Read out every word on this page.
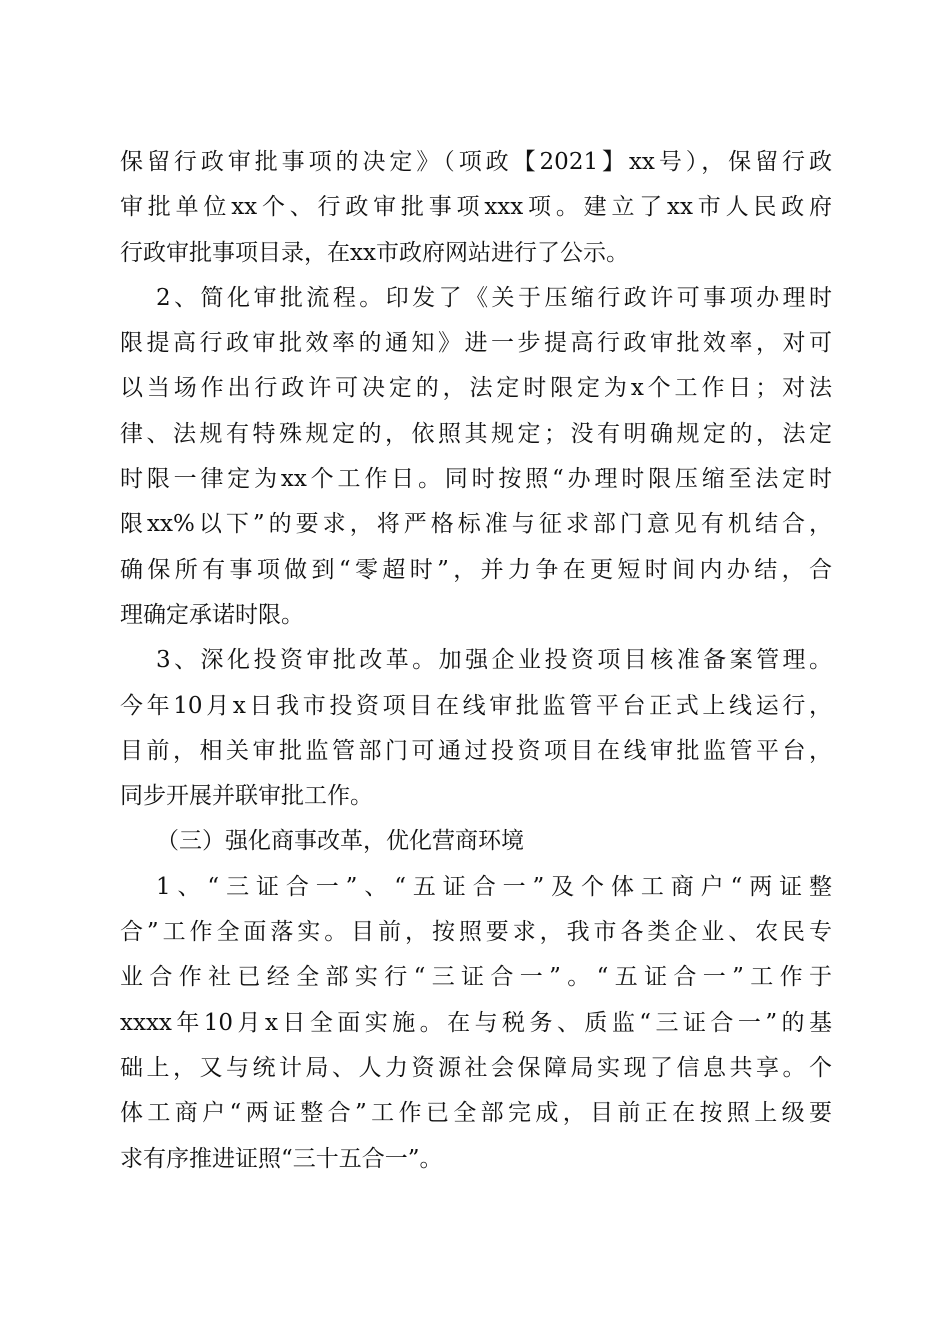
保留行政审批事项的决定》（项政【2021】xx号），保留行政
审批单位xx个、行政审批事项xxx项。建立了xx市人民政府
行政审批事项目录，在xx市政府网站进行了公示。
2、简化审批流程。印发了《关于压缩行政许可事项办理时
限提高行政审批效率的通知》进一步提高行政审批效率，对可
以当场作出行政许可决定的，法定时限定为x个工作日；对法
律、法规有特殊规定的，依照其规定；没有明确规定的，法定
时限一律定为xx个工作日。同时按照“办理时限压缩至法定时
限xx%以下”的要求，将严格标准与征求部门意见有机结合，
确保所有事项做到“零超时”，并力争在更短时间内办结，合
理确定承诺时限。
3、深化投资审批改革。加强企业投资项目核准备案管理。
今年10月x日我市投资项目在线审批监管平台正式上线运行，
目前，相关审批监管部门可通过投资项目在线审批监管平台，
同步开展并联审批工作。
（三）强化商事改革，优化营商环境
1、“三证合一”、“五证合一”及个体工商户“两证整
合”工作全面落实。目前，按照要求，我市各类企业、农民专
业合作社已经全部实行“三证合一”。“五证合一”工作于
xxxx年10月x日全面实施。在与税务、质监“三证合一”的基
础上，又与统计局、人力资源社会保障局实现了信息共享。个
体工商户“两证整合”工作已全部完成，目前正在按照上级要
求有序推进证照“三十五合一”。
